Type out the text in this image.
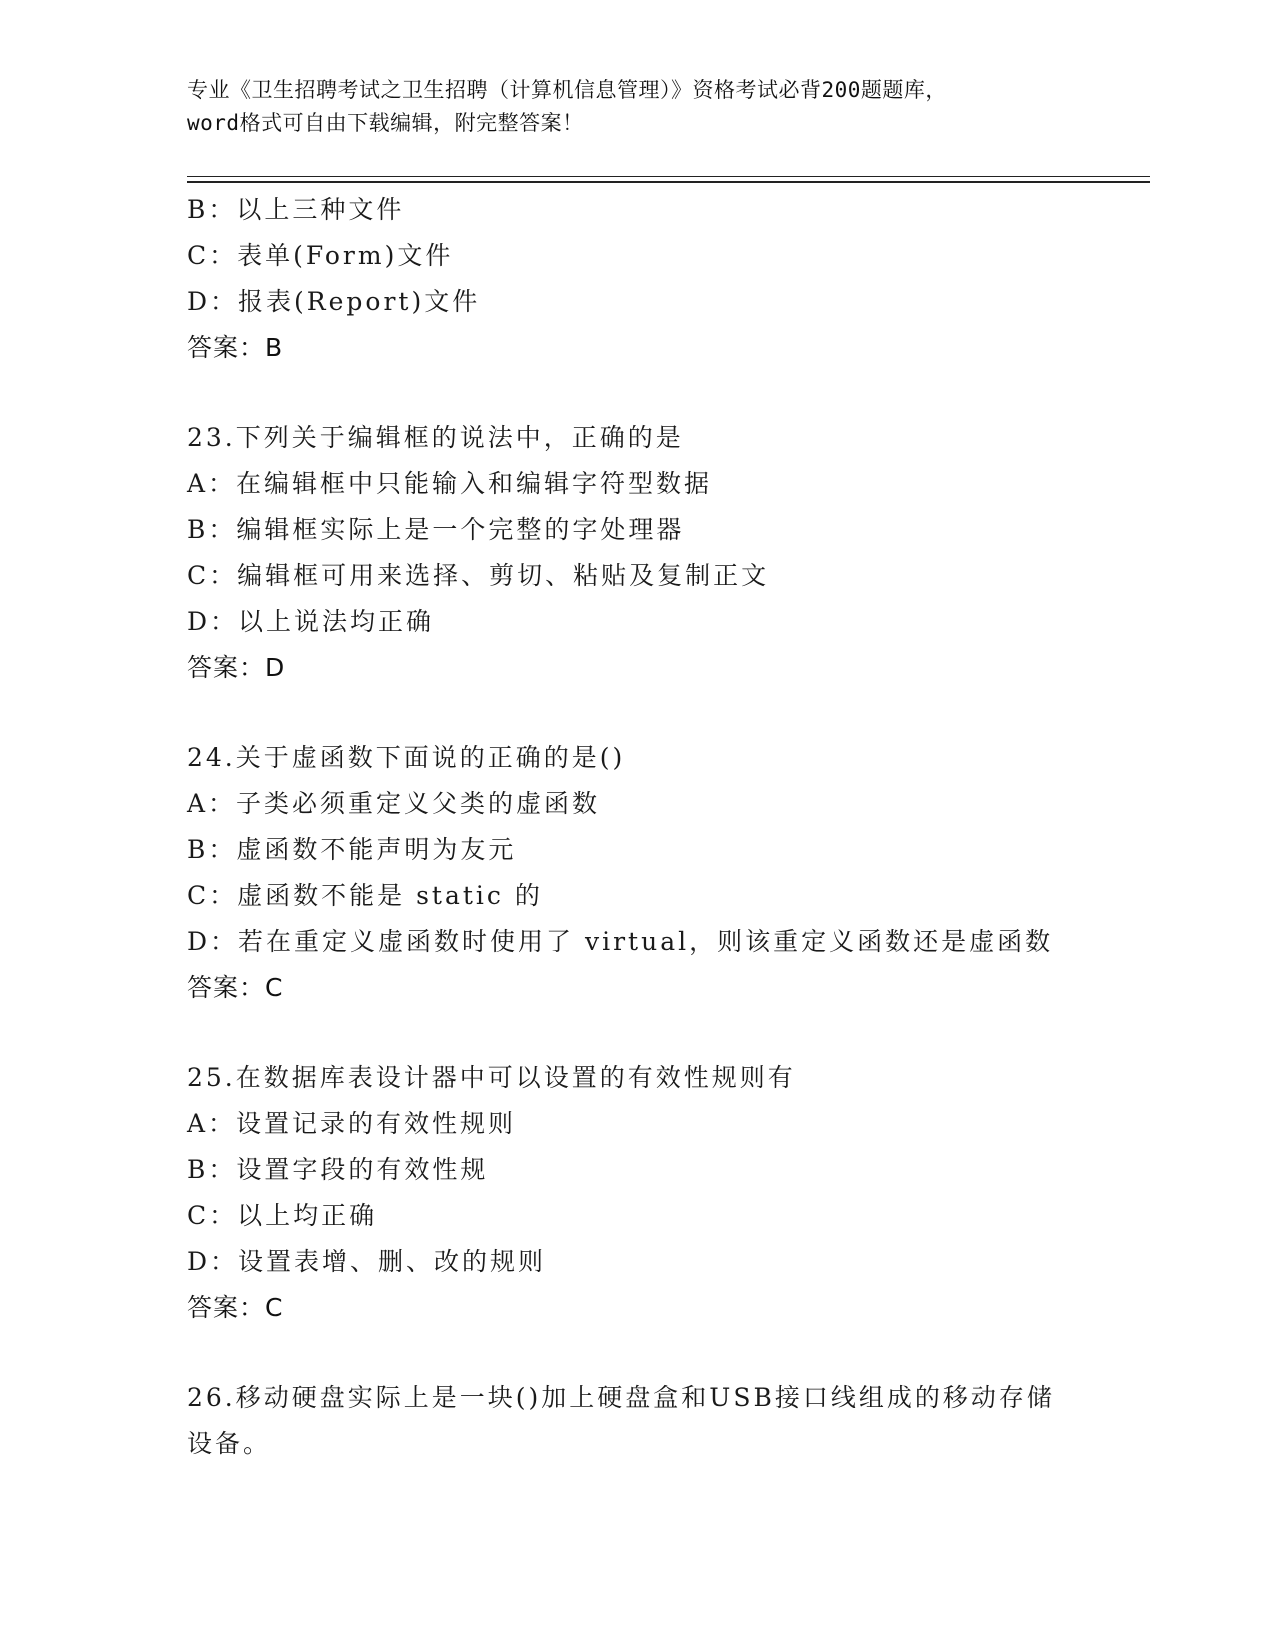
专业《卫生招聘考试之卫生招聘（计算机信息管理）》资格考试必背200题题库，
word格式可自由下载编辑，附完整答案！
B：以上三种文件
C：表单(Form)文件
D：报表(Report)文件
答案：B
23.下列关于编辑框的说法中，正确的是
A：在编辑框中只能输入和编辑字符型数据
B：编辑框实际上是一个完整的字处理器
C：编辑框可用来选择、剪切、粘贴及复制正文
D：以上说法均正确
答案：D
24.关于虚函数下面说的正确的是()
A：子类必须重定义父类的虚函数
B：虚函数不能声明为友元
C：虚函数不能是 static 的
D：若在重定义虚函数时使用了 virtual，则该重定义函数还是虚函数
答案：C
25.在数据库表设计器中可以设置的有效性规则有
A：设置记录的有效性规则
B：设置字段的有效性规
C：以上均正确
D：设置表增、删、改的规则
答案：C
26.移动硬盘实际上是一块()加上硬盘盒和USB接口线组成的移动存储
设备。
